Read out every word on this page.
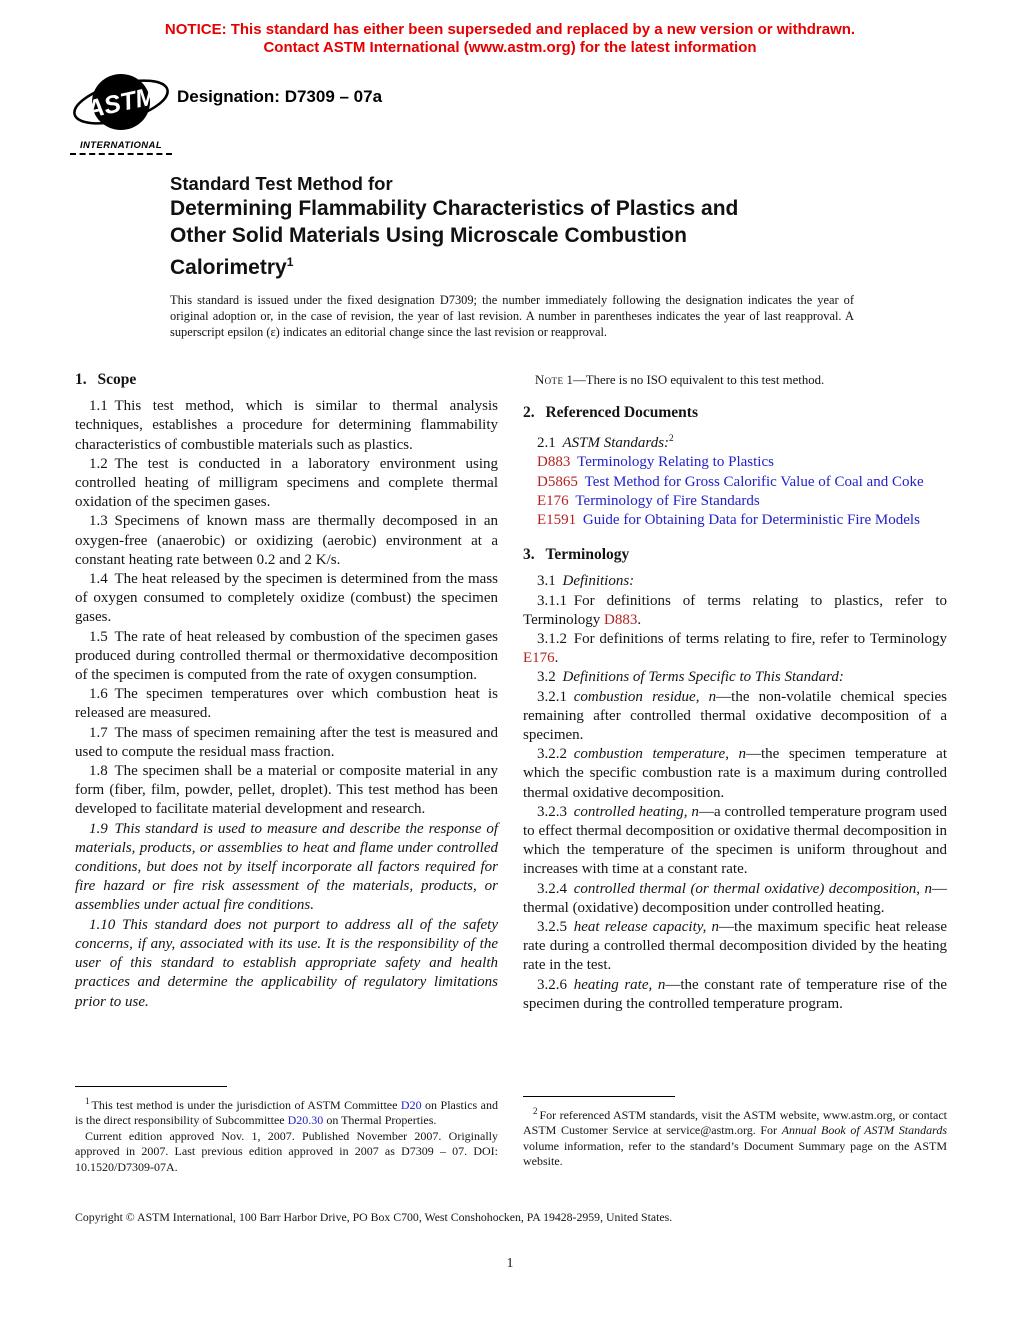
NOTICE: This standard has either been superseded and replaced by a new version or withdrawn.
Contact ASTM International (www.astm.org) for the latest information
ASTM
INTERNATIONAL
Designation: D7309 – 07a
Standard Test Method for
Determining Flammability Characteristics of Plastics and
Other Solid Materials Using Microscale Combustion
Calorimetry$^1$
This standard is issued under the fixed designation D7309; the number immediately following the designation indicates the year of original adoption or, in the case of revision, the year of last revision. A number in parentheses indicates the year of last reapproval. A superscript epsilon (ε) indicates an editorial change since the last revision or reapproval.
1. Scope

1.1 This test method, which is similar to thermal analysis techniques, establishes a procedure for determining flammability characteristics of combustible materials such as plastics.

1.2 The test is conducted in a laboratory environment using controlled heating of milligram specimens and complete thermal oxidation of the specimen gases.

1.3 Specimens of known mass are thermally decomposed in an oxygen-free (anaerobic) or oxidizing (aerobic) environment at a constant heating rate between 0.2 and 2 K/s.

1.4 The heat released by the specimen is determined from the mass of oxygen consumed to completely oxidize (combust) the specimen gases.

1.5 The rate of heat released by combustion of the specimen gases produced during controlled thermal or thermoxidative decomposition of the specimen is computed from the rate of oxygen consumption.

1.6 The specimen temperatures over which combustion heat is released are measured.

1.7 The mass of specimen remaining after the test is measured and used to compute the residual mass fraction.

1.8 The specimen shall be a material or composite material in any form (fiber, film, powder, pellet, droplet). This test method has been developed to facilitate material development and research.

1.9 This standard is used to measure and describe the response of materials, products, or assemblies to heat and flame under controlled conditions, but does not by itself incorporate all factors required for fire hazard or fire risk assessment of the materials, products, or assemblies under actual fire conditions.

1.10 This standard does not purport to address all of the safety concerns, if any, associated with its use. It is the responsibility of the user of this standard to establish appropriate safety and health practices and determine the applicability of regulatory limitations prior to use.

Note 1—There is no ISO equivalent to this test method.

2. Referenced Documents

2.1 ASTM Standards:$^2$

D883 Terminology Relating to Plastics
D5865 Test Method for Gross Calorific Value of Coal and Coke
E176 Terminology of Fire Standards
E1591 Guide for Obtaining Data for Deterministic Fire Models
3. Terminology

3.1 Definitions:

3.1.1 For definitions of terms relating to plastics, refer to Terminology D883.

3.1.2 For definitions of terms relating to fire, refer to Terminology E176.

3.2 Definitions of Terms Specific to This Standard:

3.2.1 combustion residue, n—the non-volatile chemical species remaining after controlled thermal oxidative decomposition of a specimen.

3.2.2 combustion temperature, n—the specimen temperature at which the specific combustion rate is a maximum during controlled thermal oxidative decomposition.

3.2.3 controlled heating, n—a controlled temperature program used to effect thermal decomposition or oxidative thermal decomposition in which the temperature of the specimen is uniform throughout and increases with time at a constant rate.

3.2.4 controlled thermal (or thermal oxidative) decomposition, n—thermal (oxidative) decomposition under controlled heating.

3.2.5 heat release capacity, n—the maximum specific heat release rate during a controlled thermal decomposition divided by the heating rate in the test.

3.2.6 heating rate, n—the constant rate of temperature rise of the specimen during the controlled temperature program.

$^1$ This test method is under the jurisdiction of ASTM Committee D20 on Plastics and is the direct responsibility of Subcommittee D20.30 on Thermal Properties.

Current edition approved Nov. 1, 2007. Published November 2007. Originally approved in 2007. Last previous edition approved in 2007 as D7309 – 07. DOI: 10.1520/D7309-07A.

$^2$ For referenced ASTM standards, visit the ASTM website, www.astm.org, or contact ASTM Customer Service at service@astm.org. For Annual Book of ASTM Standards volume information, refer to the standard’s Document Summary page on the ASTM website.

Copyright © ASTM International, 100 Barr Harbor Drive, PO Box C700, West Conshohocken, PA 19428-2959, United States.
1
